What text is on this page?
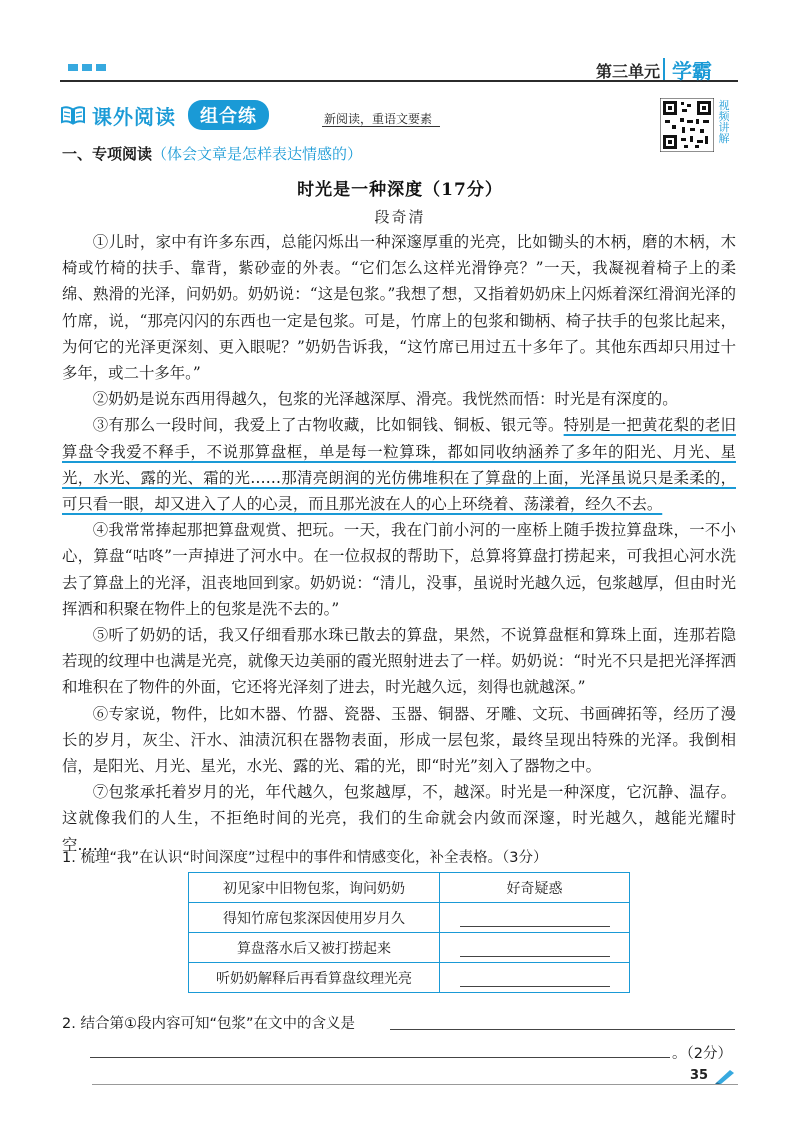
第三单元 学霸
课外阅读	组合练	新阅读，重语文要素
视频讲解
一、专项阅读（体会文章是怎样表达情感的）
时光是一种深度（17分）
段奇清

①儿时，家中有许多东西，总能闪烁出一种深邃厚重的光亮，比如锄头的木柄，磨的木柄，木椅或竹椅的扶手、靠背，紫砂壶的外表。“它们怎么这样光滑铮亮？”一天，我凝视着椅子上的柔绵、熟滑的光泽，问奶奶。奶奶说：“这是包浆。”我想了想，又指着奶奶床上闪烁着深红滑润光泽的竹席，说，“那亮闪闪的东西也一定是包浆。可是，竹席上的包浆和锄柄、椅子扶手的包浆比起来，为何它的光泽更深刻、更入眼呢？”奶奶告诉我，“这竹席已用过五十多年了。其他东西却只用过十多年，或二十多年。”

②奶奶是说东西用得越久，包浆的光泽越深厚、滑亮。我恍然而悟：时光是有深度的。

③有那么一段时间，我爱上了古物收藏，比如铜钱、铜板、银元等。特别是一把黄花梨的老旧算盘令我爱不释手，不说那算盘框，单是每一粒算珠，都如同收纳涵养了多年的阳光、月光、星光，水光、露的光、霜的光……那清亮朗润的光仿佛堆积在了算盘的上面，光泽虽说只是柔柔的，可只看一眼，却又进入了人的心灵，而且那光波在人的心上环绕着、荡漾着，经久不去。

④我常常捧起那把算盘观赏、把玩。一天，我在门前小河的一座桥上随手拨拉算盘珠，一不小心，算盘“咕咚”一声掉进了河水中。在一位叔叔的帮助下，总算将算盘打捞起来，可我担心河水洗去了算盘上的光泽，沮丧地回到家。奶奶说：“清儿，没事，虽说时光越久远，包浆越厚，但由时光挥洒和积聚在物件上的包浆是洗不去的。”

⑤听了奶奶的话，我又仔细看那水珠已散去的算盘，果然，不说算盘框和算珠上面，连那若隐若现的纹理中也满是光亮，就像天边美丽的霞光照射进去了一样。奶奶说：“时光不只是把光泽挥洒和堆积在了物件的外面，它还将光泽刻了进去，时光越久远，刻得也就越深。”

⑥专家说，物件，比如木器、竹器、瓷器、玉器、铜器、牙雕、文玩、书画碑拓等，经历了漫长的岁月，灰尘、汗水、油渍沉积在器物表面，形成一层包浆，最终呈现出特殊的光泽。我倒相信，是阳光、月光、星光，水光、露的光、霜的光，即“时光”刻入了器物之中。

⑦包浆承托着岁月的光，年代越久，包浆越厚，不，越深。时光是一种深度，它沉静、温存。这就像我们的人生，不拒绝时间的光亮，我们的生命就会内敛而深邃，时光越久，越能光耀时空……

1. 梳理“我”在认识“时间深度”过程中的事件和情感变化，补全表格。（3分）
初见家中旧物包浆，询问奶奶	好奇疑惑
得知竹席包浆深因使用岁月久	
算盘落水后又被打捞起来	
听奶奶解释后再看算盘纹理光亮	
2. 结合第①段内容可知“包浆”在文中的含义是
。（2分）
35
